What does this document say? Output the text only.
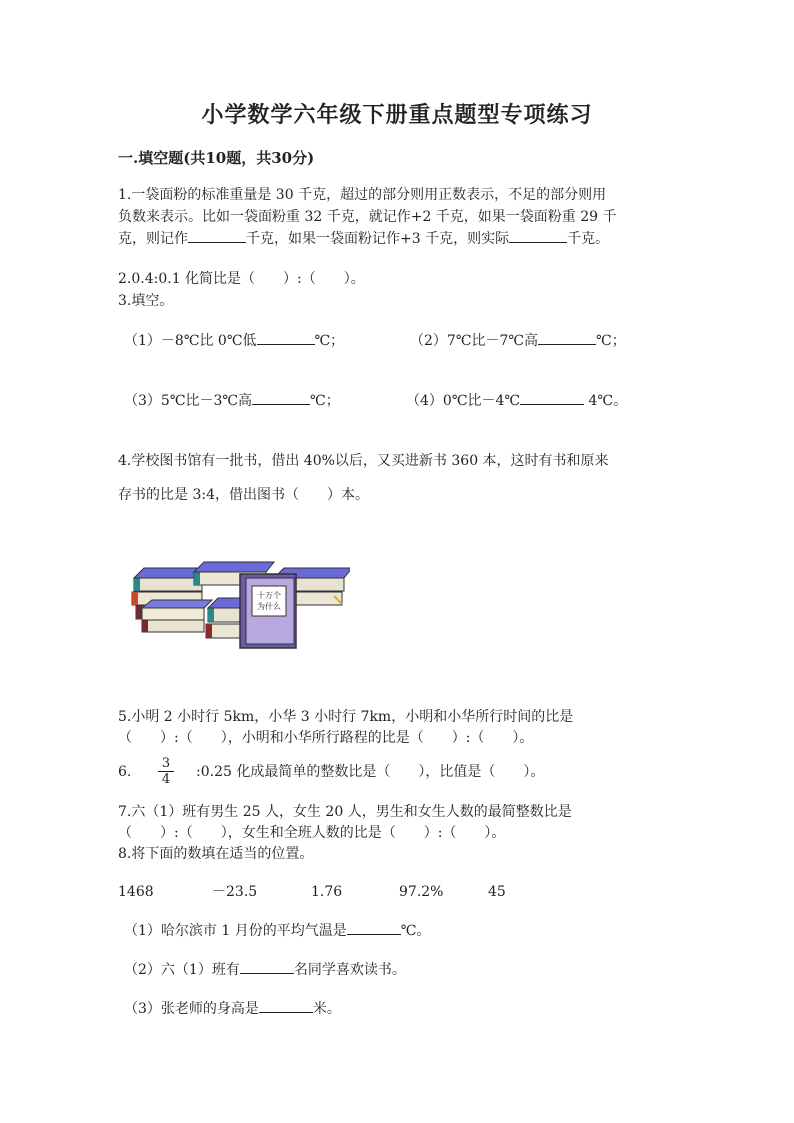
小学数学六年级下册重点题型专项练习
一.填空题(共10题，共30分)
1.一袋面粉的标准重量是 30 千克，超过的部分则用正数表示，不足的部分则用
负数来表示。比如一袋面粉重 32 千克，就记作+2 千克，如果一袋面粉重 29 千
克，则记作	千克，如果一袋面粉记作+3 千克，则实际	千克。
2.0.4:0.1 化简比是（　　）:（　　）。
3.填空。
（1）－8℃比 0℃低	℃；	（2）7℃比－7℃高	℃；
（3）5℃比－3℃高	℃；	（4）0℃比－4℃	4℃。
4.学校图书馆有一批书，借出 40%以后，又买进新书 360 本，这时有书和原来
存书的比是 3:4，借出图书（　　）本。
十万个
为什么
5.小明 2 小时行 5km，小华 3 小时行 7km，小明和小华所行时间的比是
（　　）:（　　），小明和小华所行路程的比是（　　）:（　　）。
6. $\frac{3}{4}$ :0.25 化成最简单的整数比是（　　），比值是（　　）。
7.六（1）班有男生 25 人，女生 20 人，男生和女生人数的最简整数比是
（　　）:（　　），女生和全班人数的比是（　　）:（　　）。
8.将下面的数填在适当的位置。
1468	－23.5	1.76	97.2%	45
（1）哈尔滨市 1 月份的平均气温是	℃。
（2）六（1）班有	名同学喜欢读书。
（3）张老师的身高是	米。
